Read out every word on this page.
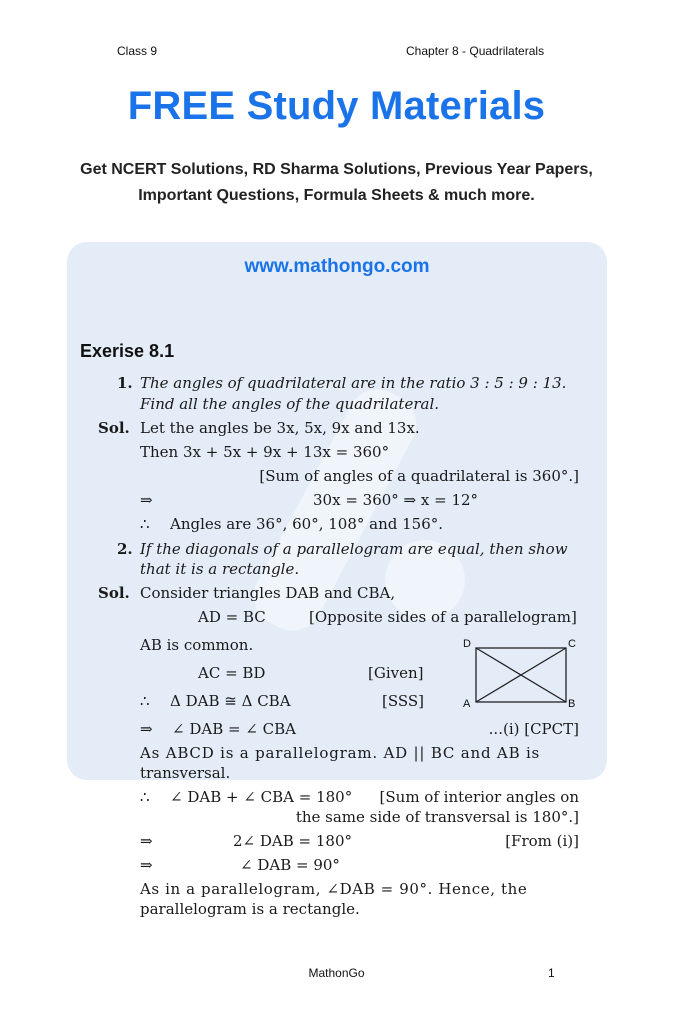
Class 9	Chapter 8 - Quadrilaterals
FREE Study Materials
Get NCERT Solutions, RD Sharma Solutions, Previous Year Papers,
Important Questions, Formula Sheets & much more.
www.mathongo.com
Exerise 8.1
1. The angles of quadrilateral are in the ratio 3 : 5 : 9 : 13.
Find all the angles of the quadrilateral.
Sol. Let the angles be 3x, 5x, 9x and 13x.
Then 3x + 5x + 9x + 13x = 360°
[Sum of angles of a quadrilateral is 360°.]
⇒	30x = 360° ⇒ x = 12°
∴ Angles are 36°, 60°, 108° and 156°.
2. If the diagonals of a parallelogram are equal, then show
that it is a rectangle.
Sol. Consider triangles DAB and CBA,
AD = BC	[Opposite sides of a parallelogram]
AB is common.
AC = BD	[Given]
∴ Δ DAB ≅ Δ CBA	[SSS]
⇒ ∠ DAB = ∠ CBA	...(i) [CPCT]
As ABCD is a parallelogram. AD || BC and AB is
transversal.
∴ ∠ DAB + ∠ CBA = 180°	[Sum of interior angles on
the same side of transversal is 180°.]
⇒	2∠ DAB = 180°	[From (i)]
⇒	∠ DAB = 90°
As in a parallelogram, ∠DAB = 90°. Hence, the
parallelogram is a rectangle.
D	C
A	B
MathonGo	1
